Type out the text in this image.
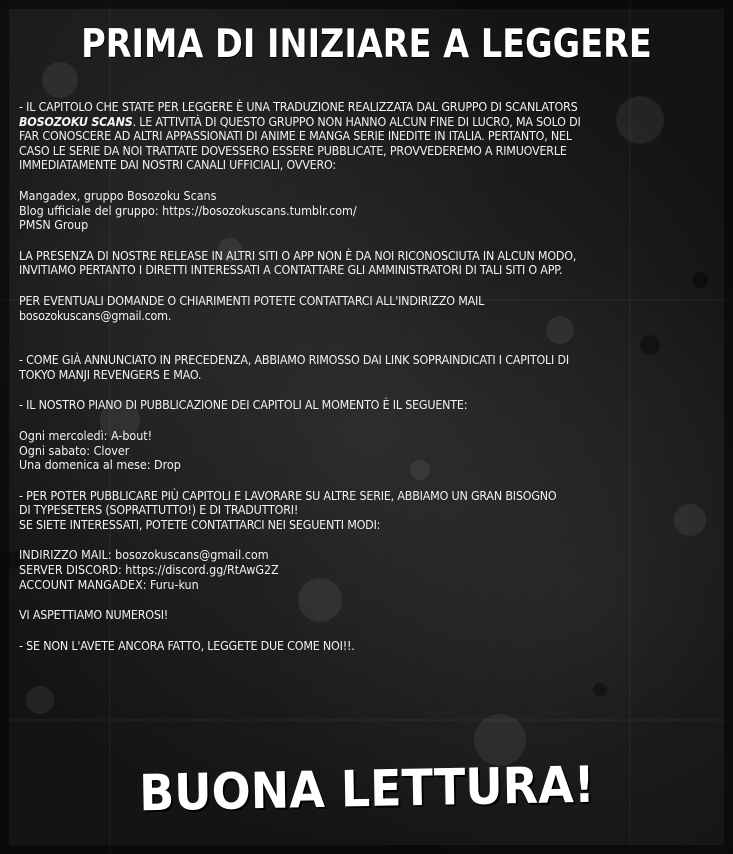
PRIMA DI INIZIARE A LEGGERE

- IL CAPITOLO CHE STATE PER LEGGERE È UNA TRADUZIONE REALIZZATA DAL GRUPPO DI SCANLATORS
BOSOZOKU SCANS. LE ATTIVITÀ DI QUESTO GRUPPO NON HANNO ALCUN FINE DI LUCRO, MA SOLO DI
FAR CONOSCERE AD ALTRI APPASSIONATI DI ANIME E MANGA SERIE INEDITE IN ITALIA. PERTANTO, NEL
CASO LE SERIE DA NOI TRATTATE DOVESSERO ESSERE PUBBLICATE, PROVVEDEREMO A RIMUOVERLE
IMMEDIATAMENTE DAI NOSTRI CANALI UFFICIALI, OVVERO:

Mangadex, gruppo Bosozoku Scans
Blog ufficiale del gruppo: https://bosozokuscans.tumblr.com/
PMSN Group

LA PRESENZA DI NOSTRE RELEASE IN ALTRI SITI O APP NON È DA NOI RICONOSCIUTA IN ALCUN MODO,
INVITIAMO PERTANTO I DIRETTI INTERESSATI A CONTATTARE GLI AMMINISTRATORI DI TALI SITI O APP.

PER EVENTUALI DOMANDE O CHIARIMENTI POTETE CONTATTARCI ALL'INDIRIZZO MAIL
bosozokuscans@gmail.com.

- COME GIÀ ANNUNCIATO IN PRECEDENZA, ABBIAMO RIMOSSO DAI LINK SOPRAINDICATI I CAPITOLI DI
TOKYO MANJI REVENGERS E MAO.

- IL NOSTRO PIANO DI PUBBLICAZIONE DEI CAPITOLI AL MOMENTO È IL SEGUENTE:

Ogni mercoledì: A-bout!
Ogni sabato: Clover
Una domenica al mese: Drop

- PER POTER PUBBLICARE PIÙ CAPITOLI E LAVORARE SU ALTRE SERIE, ABBIAMO UN GRAN BISOGNO
DI TYPESETERS (SOPRATTUTTO!) E DI TRADUTTORI!
SE SIETE INTERESSATI, POTETE CONTATTARCI NEI SEGUENTI MODI:

INDIRIZZO MAIL: bosozokuscans@gmail.com
SERVER DISCORD: https://discord.gg/RtAwG2Z
ACCOUNT MANGADEX: Furu-kun

VI ASPETTIAMO NUMEROSI!

- SE NON L'AVETE ANCORA FATTO, LEGGETE DUE COME NOI!!.

BUONA LETTURA!
